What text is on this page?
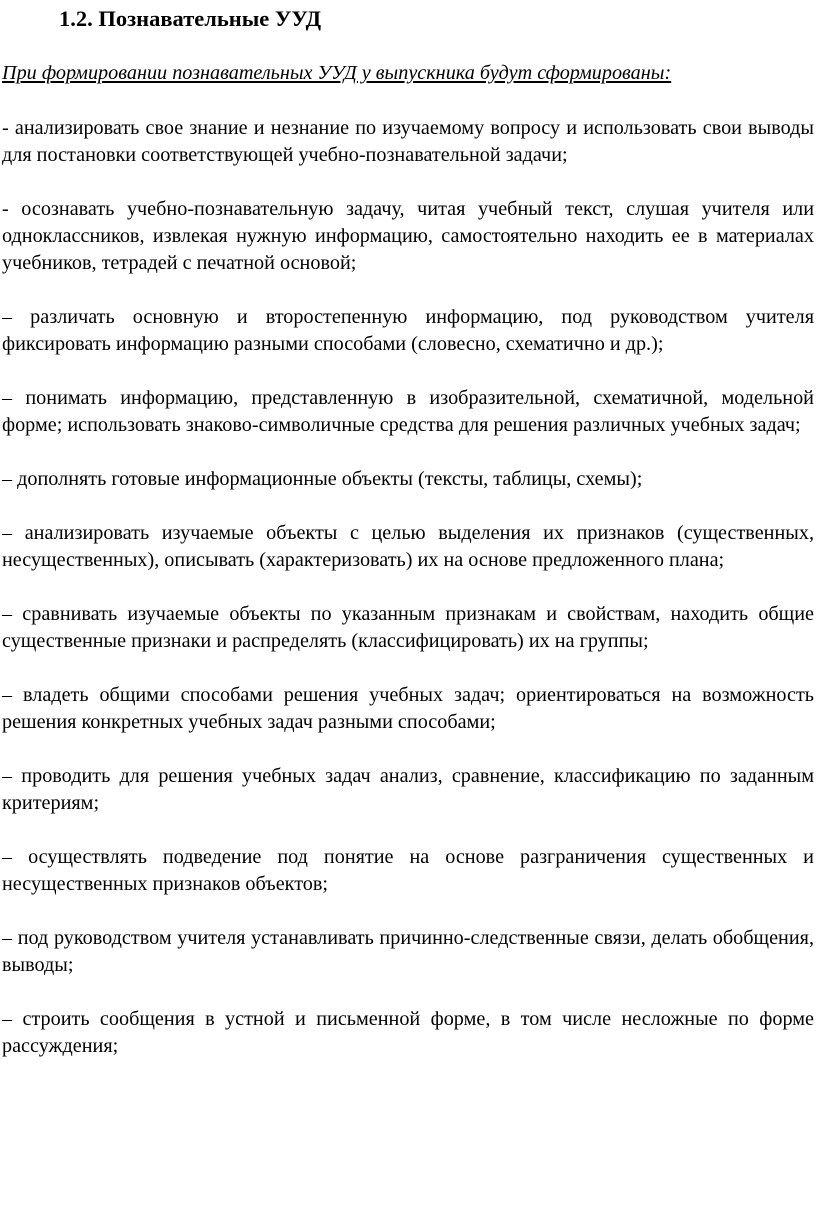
1.2. Познавательные УУД

При формировании познавательных УУД у выпускника будут сформированы:

- анализировать свое знание и незнание по изучаемому вопросу и использовать свои выводы для постановки соответствующей учебно-познавательной задачи;
- осознавать учебно-познавательную задачу, читая учебный текст, слушая учителя или одноклассников, извлекая нужную информацию, самостоятельно находить ее в материалах учебников, тетрадей с печатной основой;
– различать основную и второстепенную информацию, под руководством учителя фиксировать информацию разными способами (словесно, схематично и др.);
– понимать информацию, представленную в изобразительной, схематичной, модельной форме; использовать знаково-символичные средства для решения различных учебных задач;
– дополнять готовые информационные объекты (тексты, таблицы, схемы);
– анализировать изучаемые объекты с целью выделения их признаков (существенных, несущественных), описывать (характеризовать) их на основе предложенного плана;
– сравнивать изучаемые объекты по указанным признакам и свойствам, находить общие существенные признаки и распределять (классифицировать) их на группы;
– владеть общими способами решения учебных задач; ориентироваться на возможность решения конкретных учебных задач разными способами;
– проводить для решения учебных задач анализ, сравнение, классификацию по заданным критериям;
– осуществлять подведение под понятие на основе разграничения существенных и несущественных признаков объектов;
– под руководством учителя устанавливать причинно-следственные связи, делать обобщения, выводы;
– строить сообщения в устной и письменной форме, в том числе несложные по форме рассуждения;
